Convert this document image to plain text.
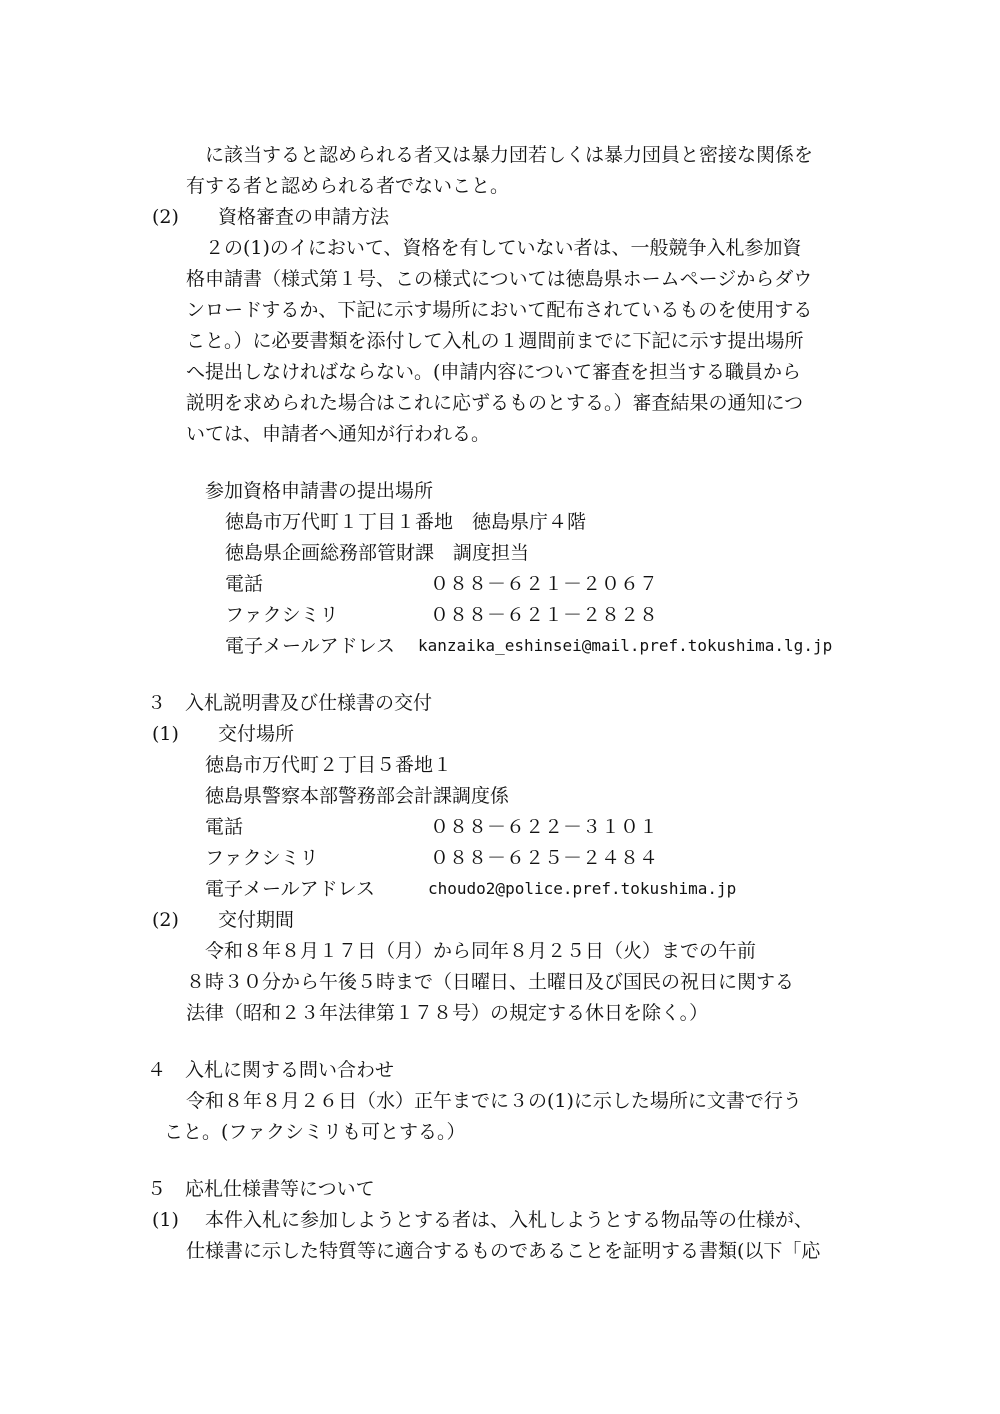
に該当すると認められる者又は暴力団若しくは暴力団員と密接な関係を
有する者と認められる者でないこと。
(2) 資格審査の申請方法
２の(1)のイにおいて、資格を有していない者は、一般競争入札参加資
格申請書（様式第１号、この様式については徳島県ホームページからダウ
ンロードするか、下記に示す場所において配布されているものを使用する
こと。）に必要書類を添付して入札の１週間前までに下記に示す提出場所
へ提出しなければならない。(申請内容について審査を担当する職員から
説明を求められた場合はこれに応ずるものとする。）審査結果の通知につ
いては、申請者へ通知が行われる。
参加資格申請書の提出場所
徳島市万代町１丁目１番地　徳島県庁４階
徳島県企画総務部管財課　調度担当
電話	０８８－６２１－２０６７
ファクシミリ	０８８－６２１－２８２８
電子メールアドレス kanzaika_eshinsei@mail.pref.tokushima.lg.jp
３　入札説明書及び仕様書の交付
(1) 交付場所
徳島市万代町２丁目５番地１
徳島県警察本部警務部会計課調度係
電話	０８８－６２２－３１０１
ファクシミリ	０８８－６２５－２４８４
電子メールアドレス	choudo2@police.pref.tokushima.jp
(2) 交付期間
令和８年８月１７日（月）から同年８月２５日（火）までの午前
８時３０分から午後５時まで（日曜日、土曜日及び国民の祝日に関する
法律（昭和２３年法律第１７８号）の規定する休日を除く。）
４　入札に関する問い合わせ
令和８年８月２６日（水）正午までに３の(1)に示した場所に文書で行う
こと。(ファクシミリも可とする。）
５　応札仕様書等について
(1) 本件入札に参加しようとする者は、入札しようとする物品等の仕様が、
仕様書に示した特質等に適合するものであることを証明する書類(以下「応
